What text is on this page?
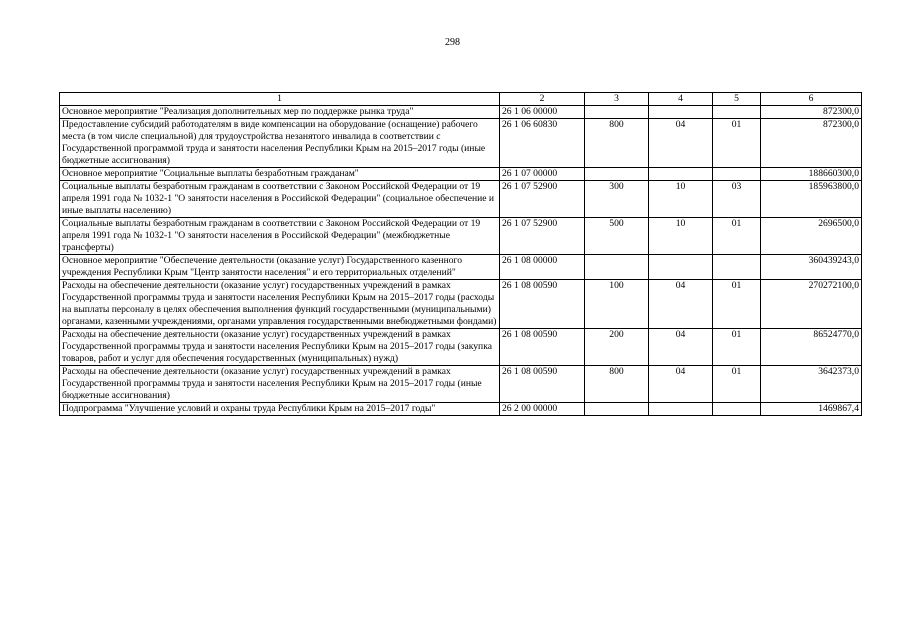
298
1	2	3	4	5	6
Основное мероприятие "Реализация дополнительных мер по поддержке рынка труда"	26 1 06 00000				872300,0
Предоставление субсидий работодателям в виде компенсации на оборудование (оснащение) рабочего места (в том числе специальной) для трудоустройства незанятого инвалида в соответствии с Государственной программой труда и занятости населения Республики Крым на 2015–2017 годы (иные бюджетные ассигнования)	26 1 06 60830	800	04	01	872300,0
Основное мероприятие "Социальные выплаты безработным гражданам"	26 1 07 00000				188660300,0
Социальные выплаты безработным гражданам в соответствии с Законом Российской Федерации от 19 апреля 1991 года № 1032-1 "О занятости населения в Российской Федерации" (социальное обеспечение и иные выплаты населению)	26 1 07 52900	300	10	03	185963800,0
Социальные выплаты безработным гражданам в соответствии с Законом Российской Федерации от 19 апреля 1991 года № 1032-1 "О занятости населения в Российской Федерации" (межбюджетные трансферты)	26 1 07 52900	500	10	01	2696500,0
Основное мероприятие "Обеспечение деятельности (оказание услуг) Государственного казенного учреждения Республики Крым "Центр занятости населения" и его территориальных отделений"	26 1 08 00000				360439243,0
Расходы на обеспечение деятельности (оказание услуг) государственных учреждений в рамках Государственной программы труда и занятости населения Республики Крым на 2015–2017 годы (расходы на выплаты персоналу в целях обеспечения выполнения функций государственными (муниципальными) органами, казенными учреждениями, органами управления государственными внебюджетными фондами)	26 1 08 00590	100	04	01	270272100,0
Расходы на обеспечение деятельности (оказание услуг) государственных учреждений в рамках Государственной программы труда и занятости населения Республики Крым на 2015–2017 годы (закупка товаров, работ и услуг для обеспечения государственных (муниципальных) нужд)	26 1 08 00590	200	04	01	86524770,0
Расходы на обеспечение деятельности (оказание услуг) государственных учреждений в рамках Государственной программы труда и занятости населения Республики Крым на 2015–2017 годы (иные бюджетные ассигнования)	26 1 08 00590	800	04	01	3642373,0
Подпрограмма "Улучшение условий и охраны труда Республики Крым на 2015–2017 годы"	26 2 00 00000				1469867,4
